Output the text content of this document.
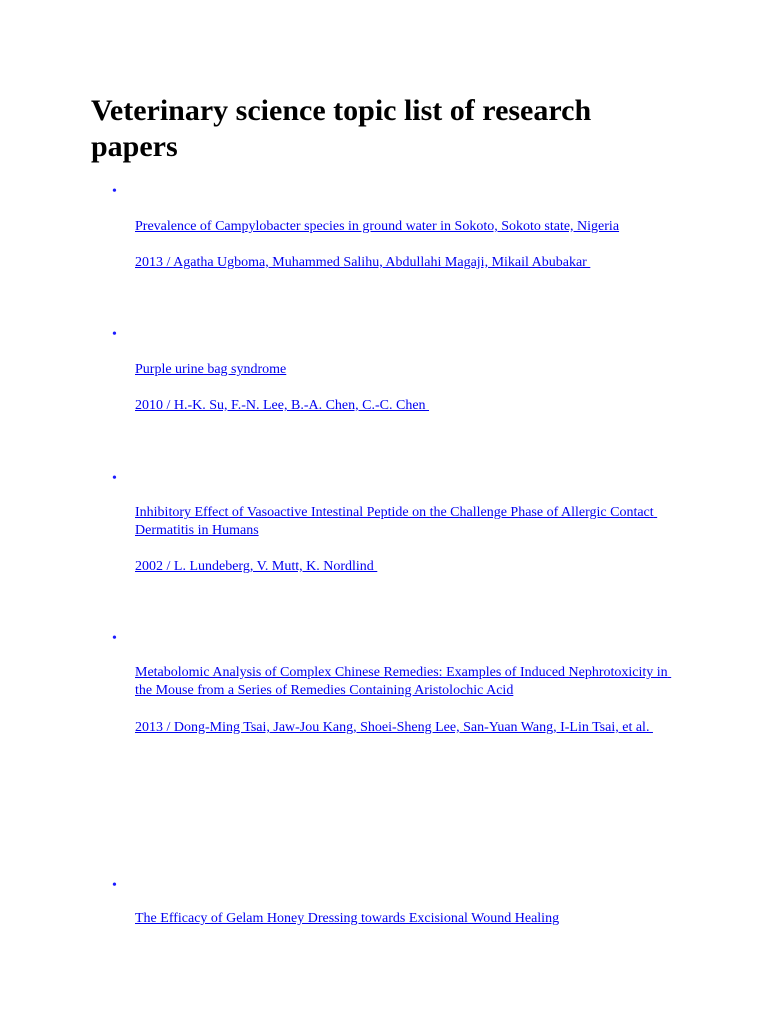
Veterinary science topic list of research papers
•
Prevalence of Campylobacter species in ground water in Sokoto, Sokoto state, Nigeria
2013 / Agatha Ugboma, Muhammed Salihu, Abdullahi Magaji, Mikail Abubakar
•
Purple urine bag syndrome
2010 / H.-K. Su, F.-N. Lee, B.-A. Chen, C.-C. Chen
•
Inhibitory Effect of Vasoactive Intestinal Peptide on the Challenge Phase of Allergic Contact Dermatitis in Humans
2002 / L. Lundeberg, V. Mutt, K. Nordlind
•
Metabolomic Analysis of Complex Chinese Remedies: Examples of Induced Nephrotoxicity in the Mouse from a Series of Remedies Containing Aristolochic Acid
2013 / Dong-Ming Tsai, Jaw-Jou Kang, Shoei-Sheng Lee, San-Yuan Wang, I-Lin Tsai, et al.
•
The Efficacy of Gelam Honey Dressing towards Excisional Wound Healing
